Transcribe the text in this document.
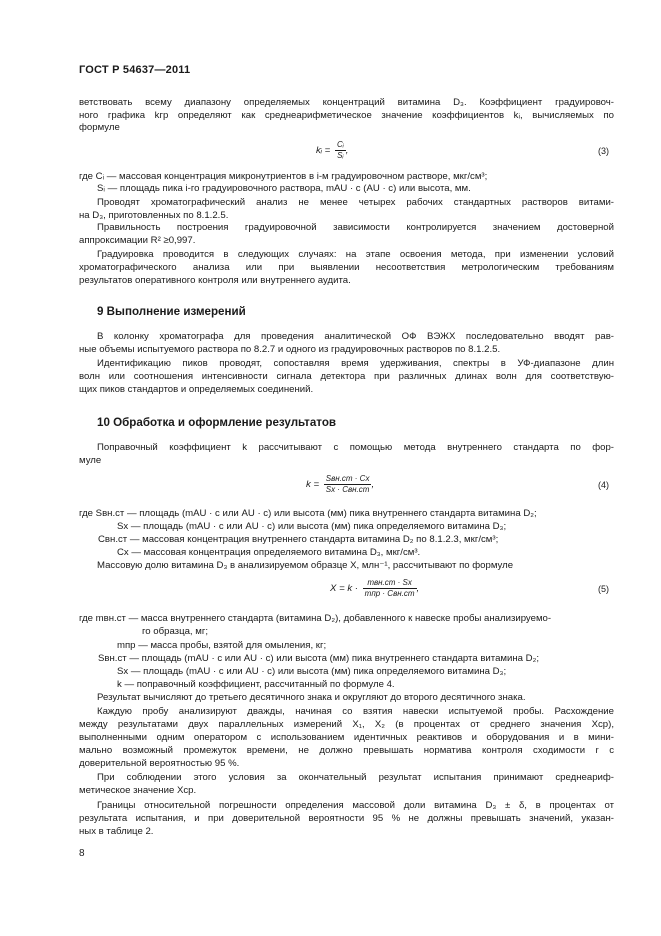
ГОСТ Р 54637—2011
ветствовать всему диапазону определяемых концентраций витамина D₃. Коэффициент градуировоч-
ного графика kгр определяют как среднеарифметическое значение коэффициентов kᵢ, вычисляемых по
формуле
kᵢ = $\frac{\text{Cᵢ}}{\text{Sᵢ}}$ ,	(3)
где Cᵢ — массовая концентрация микронутриентов в i-м градуировочном растворе, мкг/см³;
Sᵢ — площадь пика i-го градуировочного раствора, mAU · c (AU · c) или высота, мм.
Проводят хроматографический анализ не менее четырех рабочих стандартных растворов витами-
на D₃, приготовленных по 8.1.2.5.
Правильность построения градуировочной зависимости контролируется значением достоверной
аппроксимации R² ≥0,997.
Градуировка проводится в следующих случаях: на этапе освоения метода, при изменении условий
хроматографического анализа или при выявлении несоответствия метрологическим требованиям
результатов оперативного контроля или внутреннего аудита.
9 Выполнение измерений
В колонку хроматографа для проведения аналитической ОФ ВЭЖХ последовательно вводят рав-
ные объемы испытуемого раствора по 8.2.7 и одного из градуировочных растворов по 8.1.2.5.
Идентификацию пиков проводят, сопоставляя время удерживания, спектры в УФ-диапазоне длин
волн или соотношения интенсивности сигнала детектора при различных длинах волн для соответствую-
щих пиков стандартов и определяемых соединений.
10 Обработка и оформление результатов
Поправочный коэффициент k рассчитывают с помощью метода внутреннего стандарта по фор-
муле
$k = \frac{\text{Sвн.ст · Cx}}{\text{Sx · Cвн.ст}}$ ,	(4)
где Sвн.ст — площадь (mAU · c или AU · c) или высота (мм) пика внутреннего стандарта витамина D₂;
Sx — площадь (mAU · c или AU · c) или высота (мм) пика определяемого витамина D₃;
Cвн.ст — массовая концентрация внутреннего стандарта витамина D₂ по 8.1.2.3, мкг/см³;
Cx — массовая концентрация определяемого витамина D₃, мкг/см³.
Массовую долю витамина D₃ в анализируемом образце X, млн⁻¹, рассчитывают по формуле
$X = k \cdot \frac{\text{mвн.ст · Sx}}{\text{mпр · Cвн.ст}}$ ,	(5)
где mвн.ст — масса внутреннего стандарта (витамина D₂), добавленного к навеске пробы анализируемо-
го образца, мг;
mпр — масса пробы, взятой для омыления, кг;
Sвн.ст — площадь (mAU · c или AU · c) или высота (мм) пика внутреннего стандарта витамина D₂;
Sx — площадь (mAU · c или AU · c) или высота (мм) пика определяемого витамина D₃;
k — поправочный коэффициент, рассчитанный по формуле 4.
Результат вычисляют до третьего десятичного знака и округляют до второго десятичного знака.
Каждую пробу анализируют дважды, начиная со взятия навески испытуемой пробы. Расхождение
между результатами двух параллельных измерений X₁, X₂ (в процентах от среднего значения Xср),
выполненными одним оператором с использованием идентичных реактивов и оборудования и в мини-
мально возможный промежуток времени, не должно превышать норматива контроля сходимости r с
доверительной вероятностью 95 %.
При соблюдении этого условия за окончательный результат испытания принимают среднеариф-
метическое значение Xср.
Границы относительной погрешности определения массовой доли витамина D₃ ± δ, в процентах от
результата испытания, и при доверительной вероятности 95 % не должны превышать значений, указан-
ных в таблице 2.
8
